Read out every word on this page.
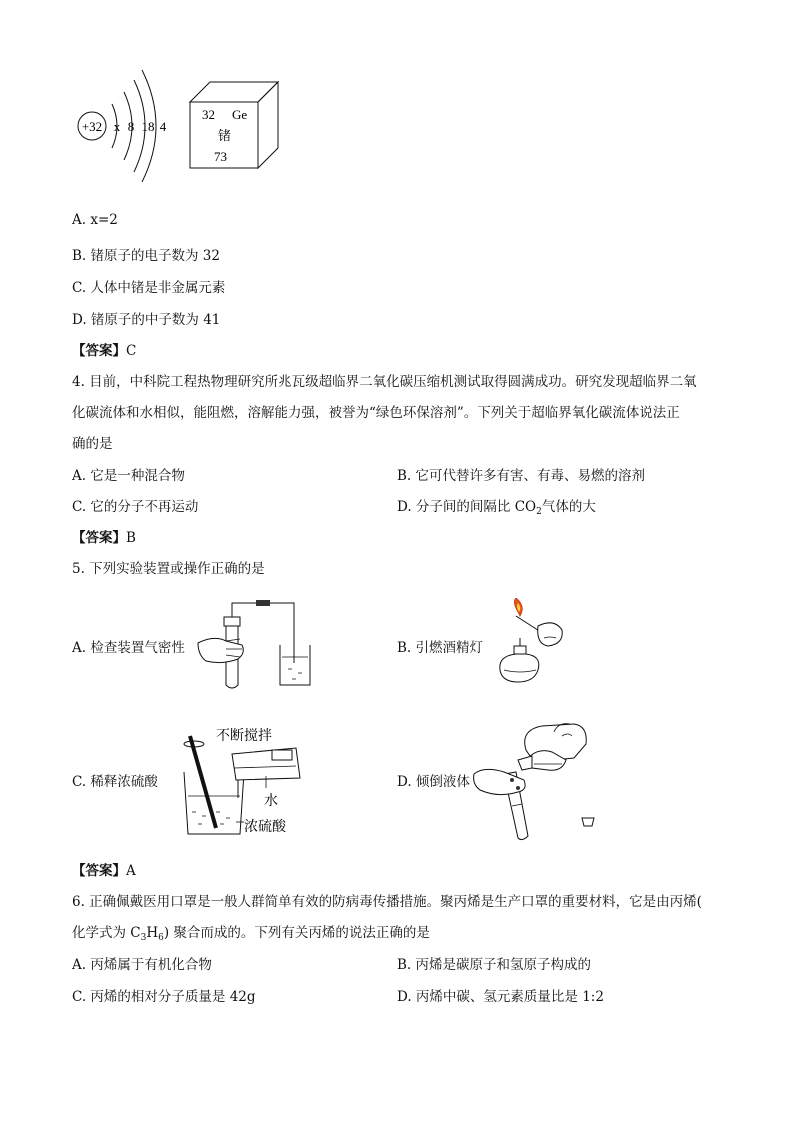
+32 x 8 18 4
32 Ge
锗
73
A. x=2
B. 锗原子的电子数为 32
C. 人体中锗是非金属元素
D. 锗原子的中子数为 41
【答案】C
4. 目前，中科院工程热物理研究所兆瓦级超临界二氧化碳压缩机测试取得圆满成功。研究发现超临界二氧
化碳流体和水相似，能阻燃，溶解能力强，被誉为“绿色环保溶剂”。下列关于超临界氧化碳流体说法正
确的是
A. 它是一种混合物	B. 它可代替许多有害、有毒、易燃的溶剂
C. 它的分子不再运动	D. 分子间的间隔比 $CO_2$气体的大
【答案】B
5. 下列实验装置或操作正确的是
A. 检查装置气密性	B. 引燃酒精灯
C. 稀释浓硫酸
不断搅拌
水
浓硫酸
D. 倾倒液体
【答案】A
6. 正确佩戴医用口罩是一般人群简单有效的防病毒传播措施。聚丙烯是生产口罩的重要材料，它是由丙烯(
化学式为 $C_3H_6$) 聚合而成的。下列有关丙烯的说法正确的是
A. 丙烯属于有机化合物	B. 丙烯是碳原子和氢原子构成的
C. 丙烯的相对分子质量是 42g	D. 丙烯中碳、氢元素质量比是 1:2
